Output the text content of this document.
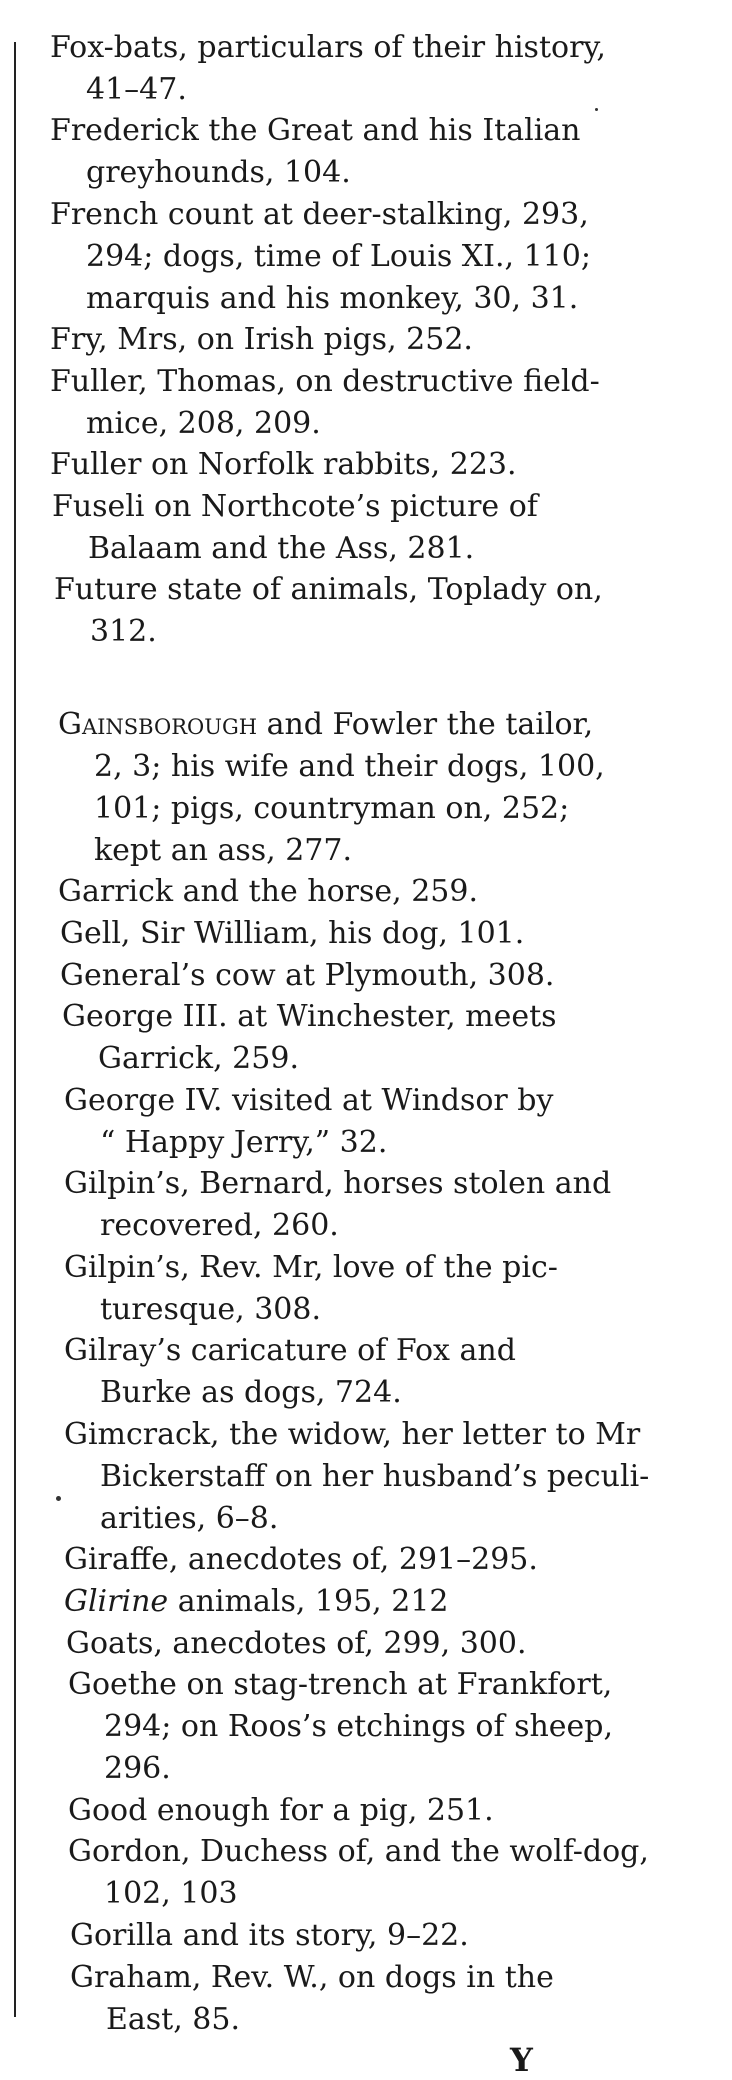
Fox-bats, particulars of their history,
41–47.
Frederick the Great and his Italian
greyhounds, 104.
French count at deer-stalking, 293,
294; dogs, time of Louis XI., 110;
marquis and his monkey, 30, 31.
Fry, Mrs, on Irish pigs, 252.
Fuller, Thomas, on destructive field-
mice, 208, 209.
Fuller on Norfolk rabbits, 223.
Fuseli on Northcote’s picture of
Balaam and the Ass, 281.
Future state of animals, Toplady on,
312.
Gainsborough and Fowler the tailor,
2, 3; his wife and their dogs, 100,
101; pigs, countryman on, 252;
kept an ass, 277.
Garrick and the horse, 259.
Gell, Sir William, his dog, 101.
General’s cow at Plymouth, 308.
George III. at Winchester, meets
Garrick, 259.
George IV. visited at Windsor by
“ Happy Jerry,” 32.
Gilpin’s, Bernard, horses stolen and
recovered, 260.
Gilpin’s, Rev. Mr, love of the pic-
turesque, 308.
Gilray’s caricature of Fox and
Burke as dogs, 724.
Gimcrack, the widow, her letter to Mr
Bickerstaff on her husband’s peculi-
arities, 6–8.
Giraffe, anecdotes of, 291–295.
Glirine animals, 195, 212
Goats, anecdotes of, 299, 300.
Goethe on stag-trench at Frankfort,
294; on Roos’s etchings of sheep,
296.
Good enough for a pig, 251.
Gordon, Duchess of, and the wolf-dog,
102, 103
Gorilla and its story, 9–22.
Graham, Rev. W., on dogs in the
East, 85.
Y
